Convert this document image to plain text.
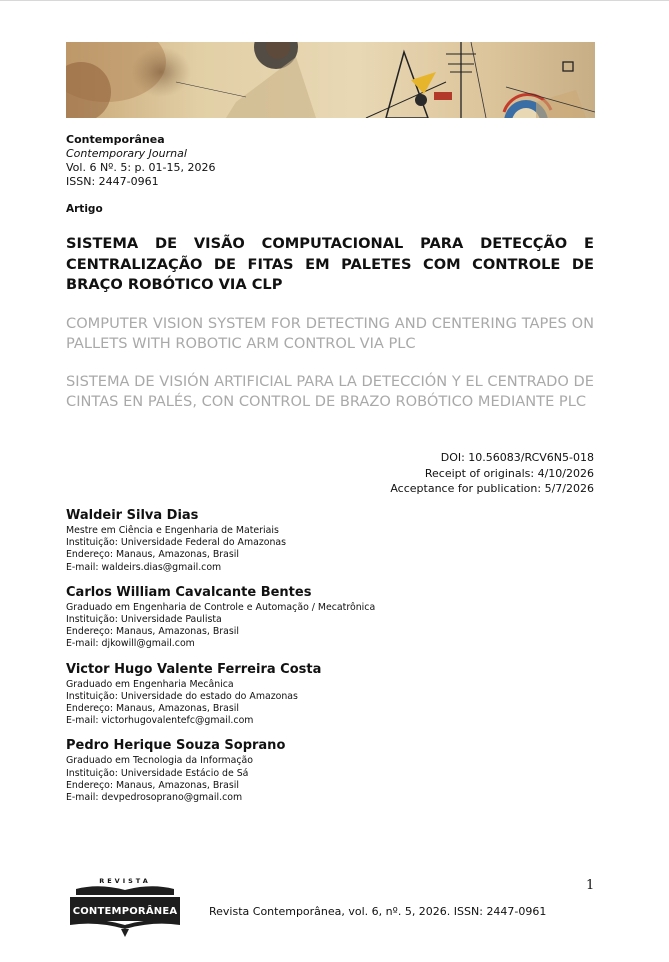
Contemporânea
Contemporary Journal
Vol. 6 Nº. 5: p. 01-15, 2026
ISSN: 2447-0961
Artigo
SISTEMA DE VISÃO COMPUTACIONAL PARA DETECÇÃO E CENTRALIZAÇÃO DE FITAS EM PALETES COM CONTROLE DE BRAÇO ROBÓTICO VIA CLP
COMPUTER VISION SYSTEM FOR DETECTING AND CENTERING TAPES ON PALLETS WITH ROBOTIC ARM CONTROL VIA PLC
SISTEMA DE VISIÓN ARTIFICIAL PARA LA DETECCIÓN Y EL CENTRADO DE CINTAS EN PALÉS, CON CONTROL DE BRAZO ROBÓTICO MEDIANTE PLC
DOI: 10.56083/RCV6N5-018
Receipt of originals: 4/10/2026
Acceptance for publication: 5/7/2026
Waldeir Silva Dias
Mestre em Ciência e Engenharia de Materiais
Instituição: Universidade Federal do Amazonas
Endereço: Manaus, Amazonas, Brasil
E-mail: waldeirs.dias@gmail.com
Carlos William Cavalcante Bentes
Graduado em Engenharia de Controle e Automação / Mecatrônica
Instituição: Universidade Paulista
Endereço: Manaus, Amazonas, Brasil
E-mail: djkowill@gmail.com
Victor Hugo Valente Ferreira Costa
Graduado em Engenharia Mecânica
Instituição: Universidade do estado do Amazonas
Endereço: Manaus, Amazonas, Brasil
E-mail: victorhugovalentefc@gmail.com
Pedro Herique Souza Soprano
Graduado em Tecnologia da Informação
Instituição: Universidade Estácio de Sá
Endereço: Manaus, Amazonas, Brasil
E-mail: devpedrosoprano@gmail.com
REVISTA
CONTEMPORÂNEA
1
Revista Contemporânea, vol. 6, nº. 5, 2026. ISSN: 2447-0961
